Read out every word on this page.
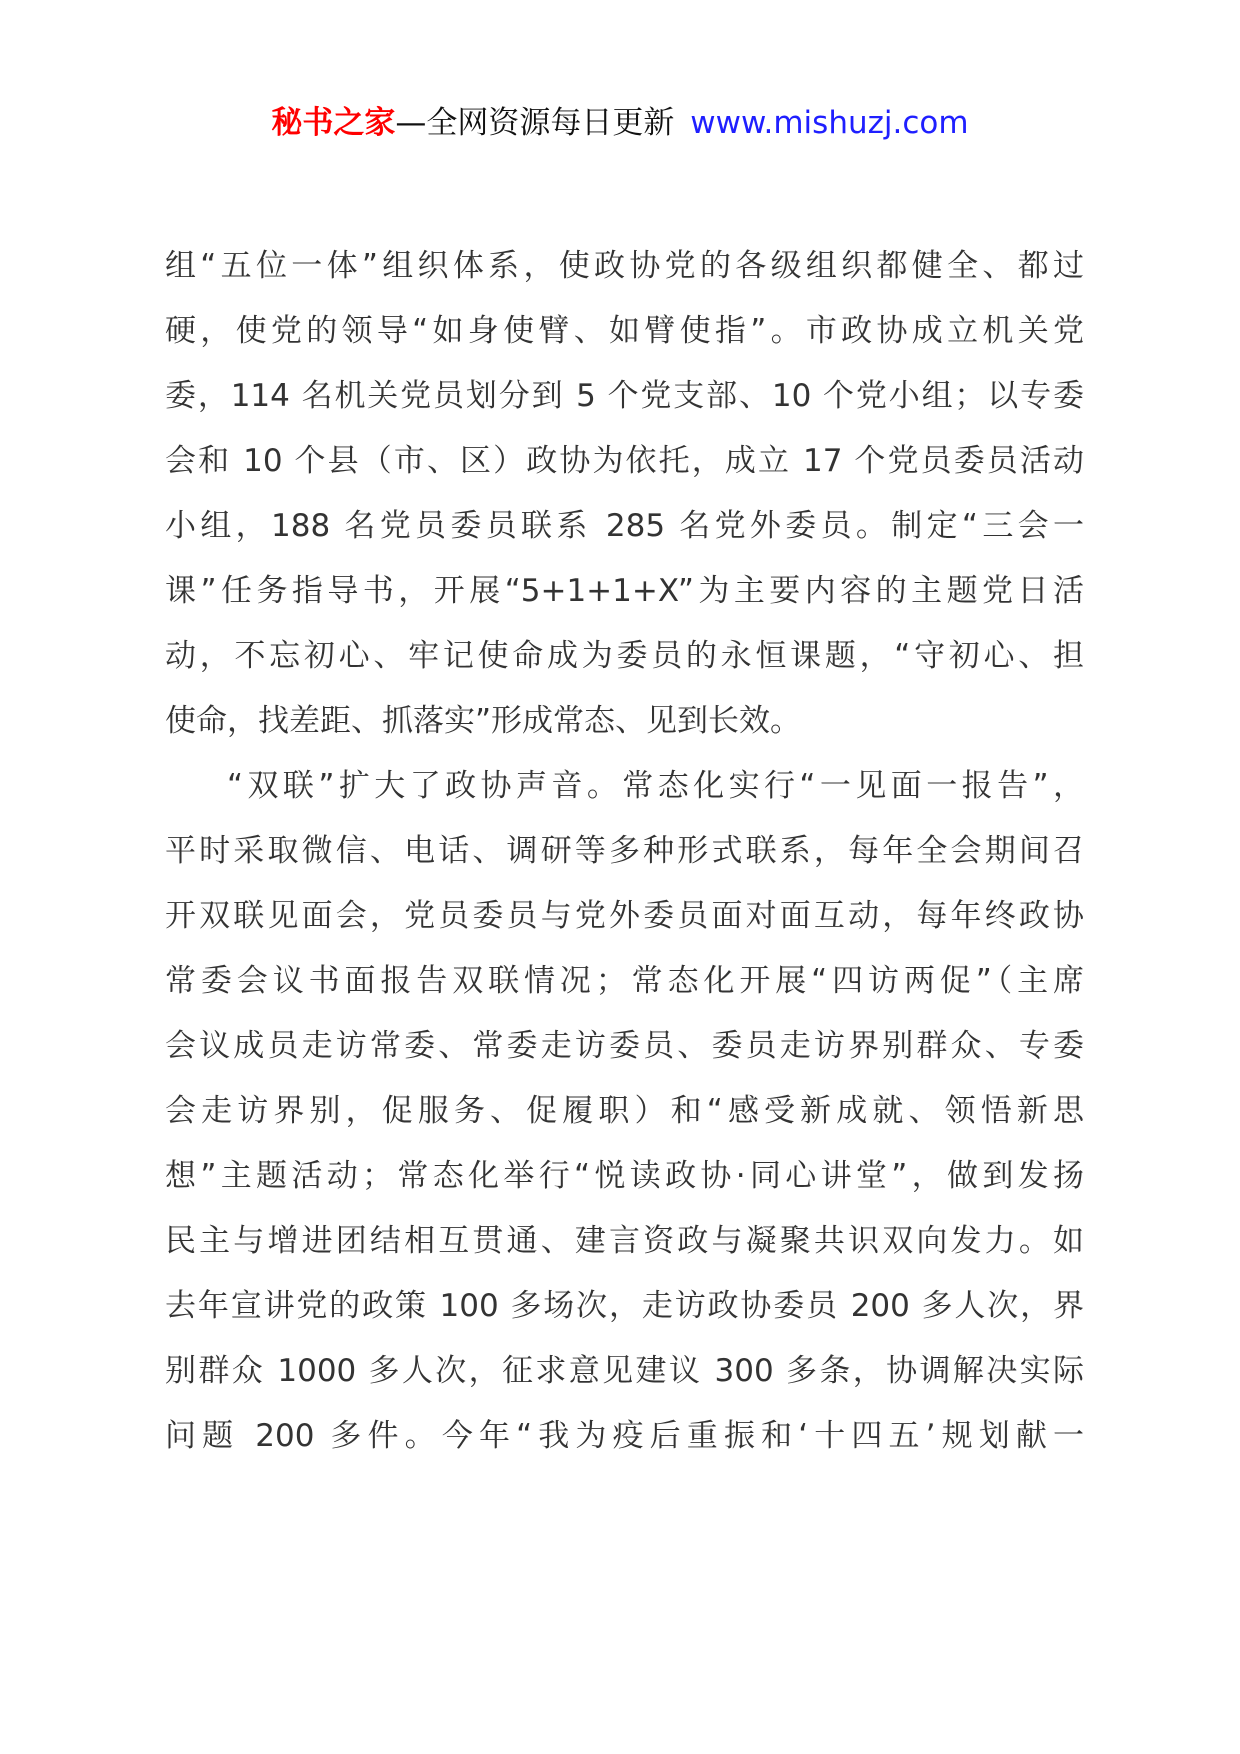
秘书之家—全网资源每日更新 www.mishuzj.com
组“五位一体”组织体系，使政协党的各级组织都健全、都过
硬，使党的领导“如身使臂、如臂使指”。市政协成立机关党
委，114 名机关党员划分到 5 个党支部、10 个党小组；以专委
会和 10 个县（市、区）政协为依托，成立 17 个党员委员活动
小组，188 名党员委员联系 285 名党外委员。制定“三会一
课”任务指导书，开展“5+1+1+X”为主要内容的主题党日活
动，不忘初心、牢记使命成为委员的永恒课题，“守初心、担
使命，找差距、抓落实”形成常态、见到长效。
“双联”扩大了政协声音。常态化实行“一见面一报告”，
平时采取微信、电话、调研等多种形式联系，每年全会期间召
开双联见面会，党员委员与党外委员面对面互动，每年终政协
常委会议书面报告双联情况；常态化开展“四访两促”（主席
会议成员走访常委、常委走访委员、委员走访界别群众、专委
会走访界别，促服务、促履职）和“感受新成就、领悟新思
想”主题活动；常态化举行“悦读政协·同心讲堂”，做到发扬
民主与增进团结相互贯通、建言资政与凝聚共识双向发力。如
去年宣讲党的政策 100 多场次，走访政协委员 200 多人次，界
别群众 1000 多人次，征求意见建议 300 多条，协调解决实际
问题 200 多件。今年“我为疫后重振和‘十四五’规划献一
